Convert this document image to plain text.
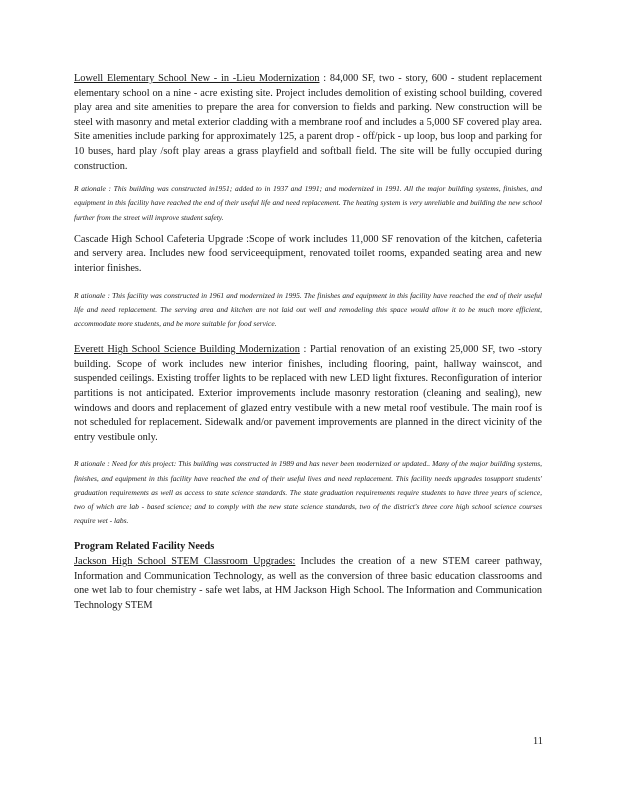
Lowell Elementary School New - in -Lieu Modernization : 84,000 SF, two - story, 600 - student replacement elementary school on a nine - acre existing site. Project includes demolition of existing school building, covered play area and site amenities to prepare the area for conversion to fields and parking. New construction will be steel with masonry and metal exterior cladding with a membrane roof and includes a 5,000 SF covered play area. Site amenities include parking for approximately 125, a parent drop - off/pick - up loop, bus loop and parking for 10 buses, hard play /soft play areas a grass playfield and softball field. The site will be fully occupied during construction.

R ationale : This building was constructed in1951; added to in 1937 and 1991; and modernized in 1991. All the major building systems, finishes, and equipment in this facility have reached the end of their useful life and need replacement. The heating system is very unreliable and building the new school further from the street will improve student safety.

Cascade High School Cafeteria Upgrade :Scope of work includes 11,000 SF renovation of the kitchen, cafeteria and servery area. Includes new food serviceequipment, renovated toilet rooms, expanded seating area and new interior finishes.

R ationale : This facility was constructed in 1961 and modernized in 1995. The finishes and equipment in this facility have reached the end of their useful life and need replacement. The serving area and kitchen are not laid out well and remodeling this space would allow it to be much more efficient, accommodate more students, and be more suitable for food service.

Everett High School Science Building Modernization : Partial renovation of an existing 25,000 SF, two -story building. Scope of work includes new interior finishes, including flooring, paint, hallway wainscot, and suspended ceilings. Existing troffer lights to be replaced with new LED light fixtures. Reconfiguration of interior partitions is not anticipated. Exterior improvements include masonry restoration (cleaning and sealing), new windows and doors and replacement of glazed entry vestibule with a new metal roof vestibule. The main roof is not scheduled for replacement. Sidewalk and/or pavement improvements are planned in the direct vicinity of the entry vestibule only.

R ationale : Need for this project: This building was constructed in 1989 and has never been modernized or updated.. Many of the major building systems, finishes, and equipment in this facility have reached the end of their useful lives and need replacement. This facility needs upgrades tosupport students' graduation requirements as well as access to state science standards. The state graduation requirements require students to have three years of science, two of which are lab - based science; and to comply with the new state science standards, two of the district's three core high school science courses require wet - labs.

Program Related Facility Needs

Jackson High School STEM Classroom Upgrades: Includes the creation of a new STEM career pathway, Information and Communication Technology, as well as the conversion of three basic education classrooms and one wet lab to four chemistry - safe wet labs, at HM Jackson High School. The Information and Communication Technology STEM

11
